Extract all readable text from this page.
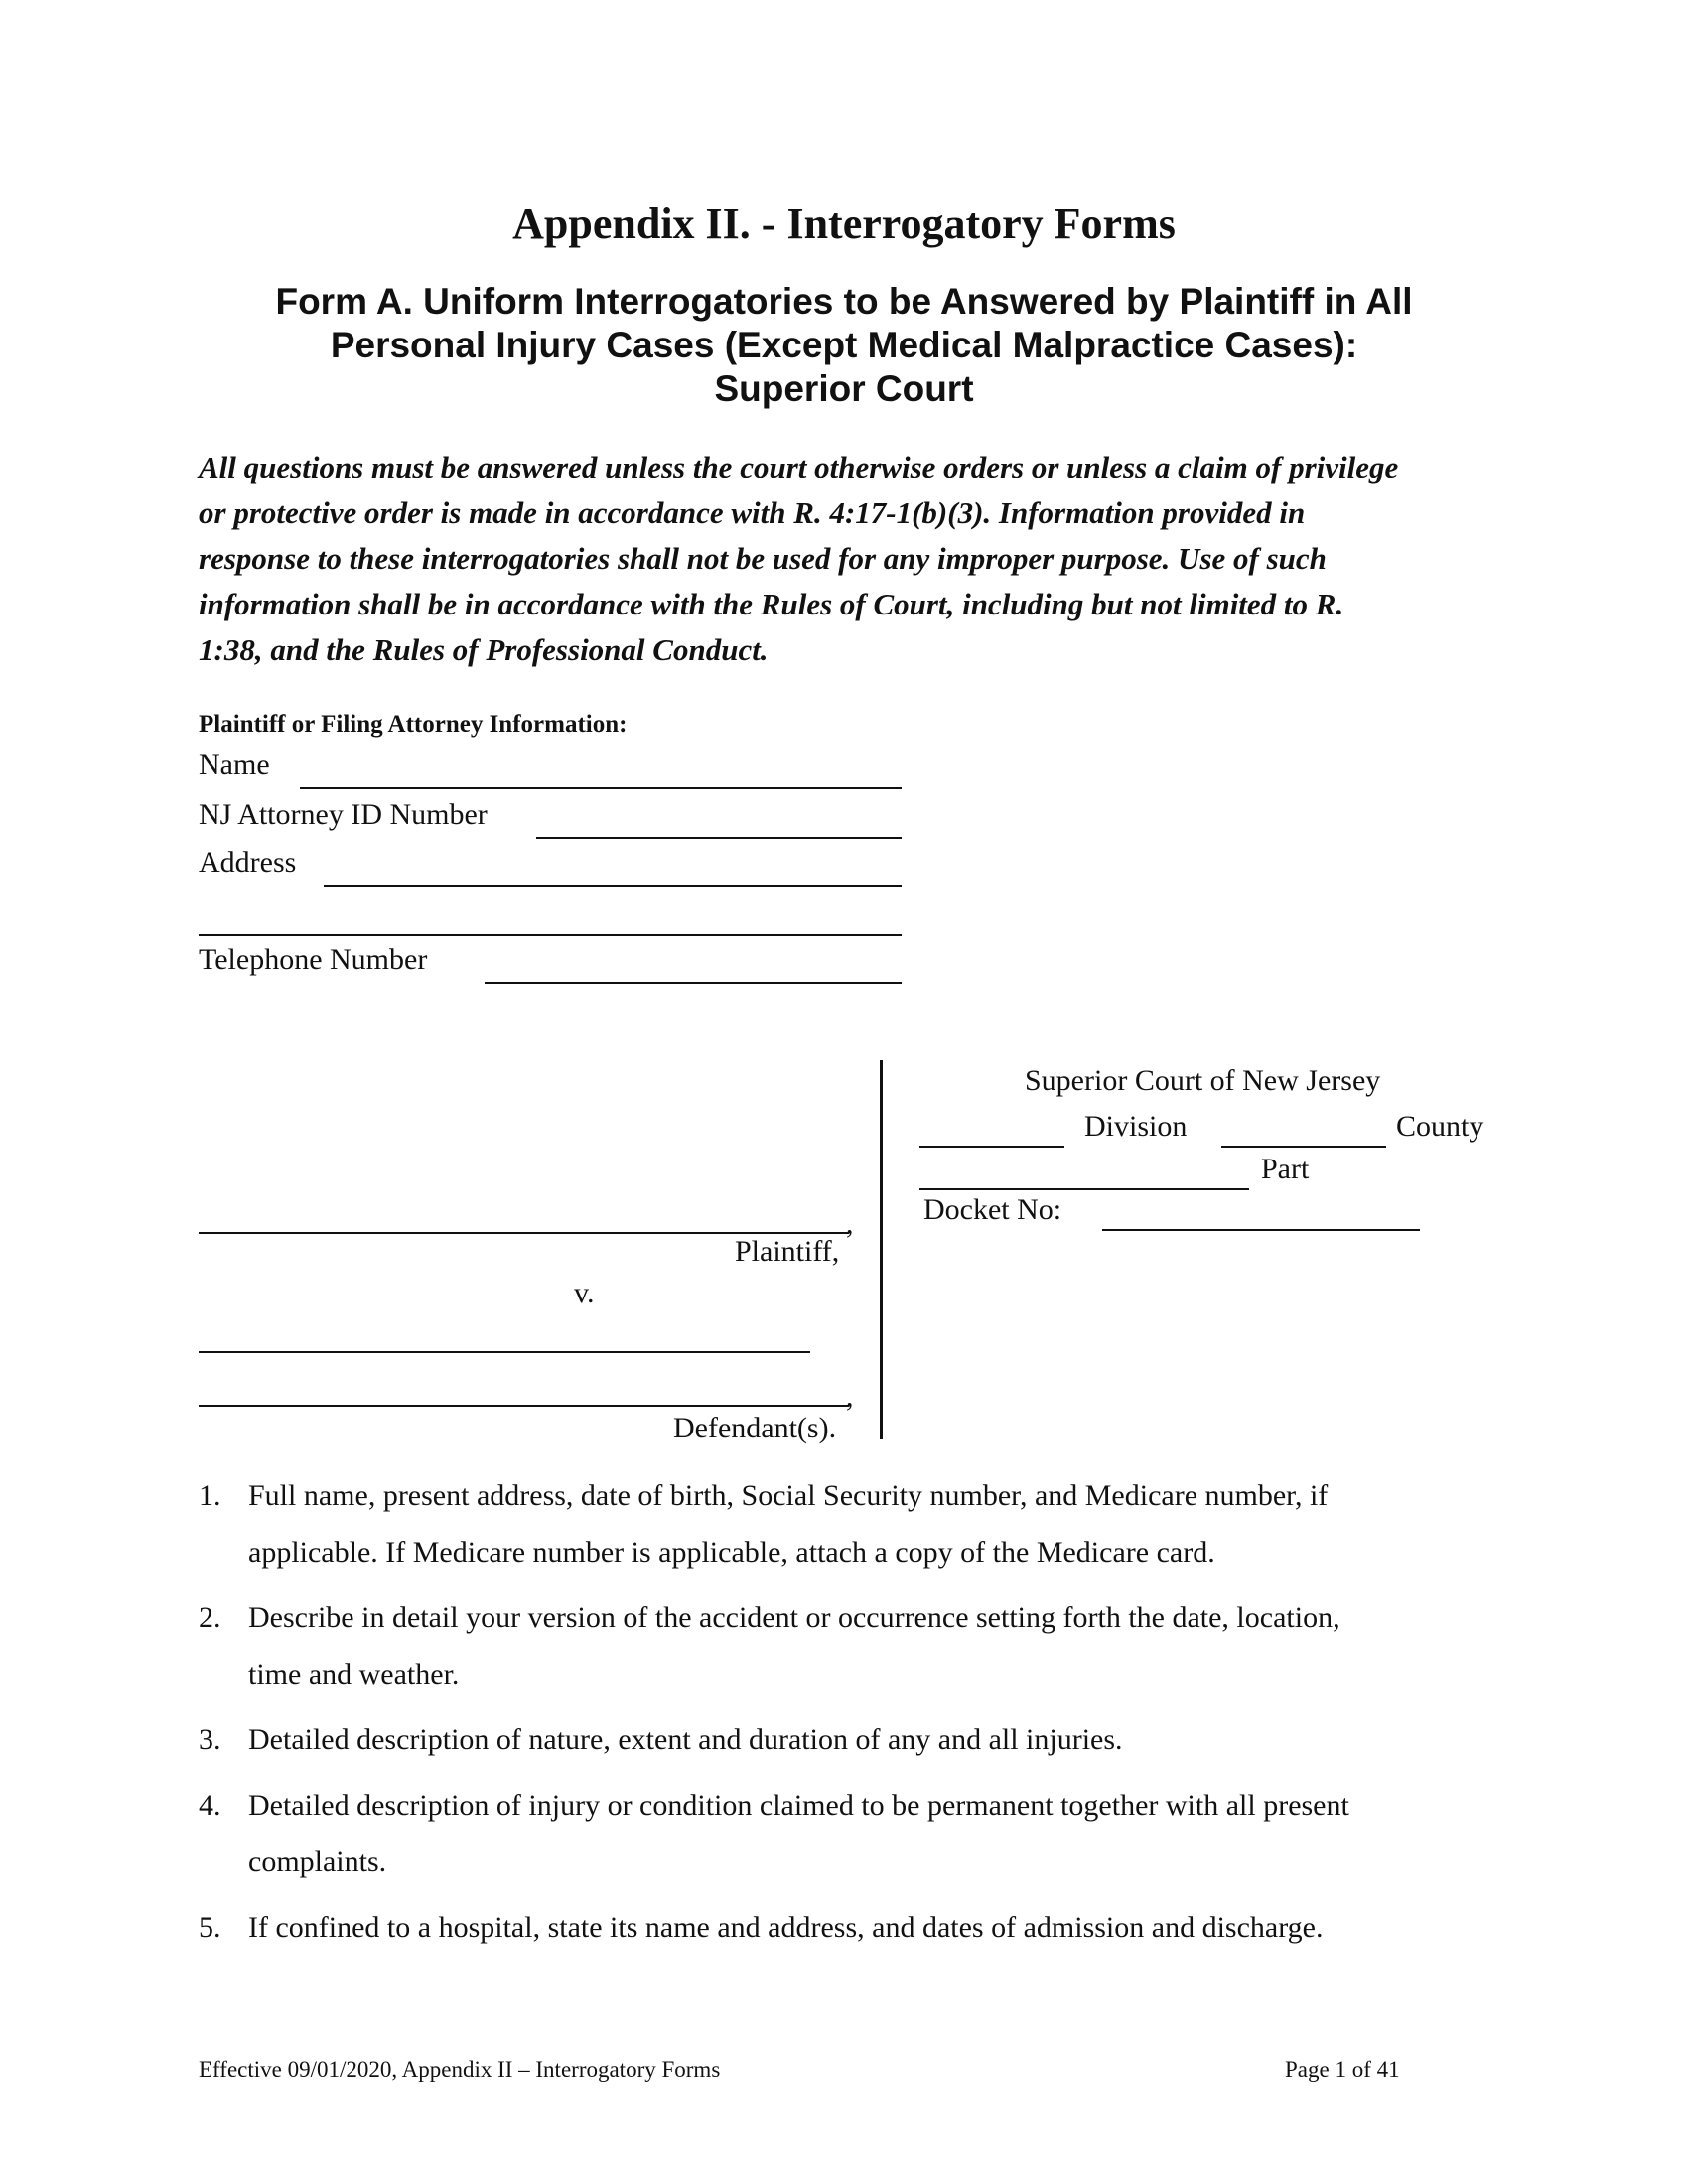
Appendix II. - Interrogatory Forms
Form A. Uniform Interrogatories to be Answered by Plaintiff in All
Personal Injury Cases (Except Medical Malpractice Cases):
Superior Court
All questions must be answered unless the court otherwise orders or unless a claim of privilege
or protective order is made in accordance with R. 4:17-1(b)(3). Information provided in
response to these interrogatories shall not be used for any improper purpose. Use of such
information shall be in accordance with the Rules of Court, including but not limited to R.
1:38, and the Rules of Professional Conduct.
Plaintiff or Filing Attorney Information:
Name
NJ Attorney ID Number
Address
Telephone Number
,
Plaintiff,
v.
,
Defendant(s).
Superior Court of New Jersey
Division	County
Part
Docket No:
1. Full name, present address, date of birth, Social Security number, and Medicare number, if
applicable. If Medicare number is applicable, attach a copy of the Medicare card.
2. Describe in detail your version of the accident or occurrence setting forth the date, location,
time and weather.
3. Detailed description of nature, extent and duration of any and all injuries.
4. Detailed description of injury or condition claimed to be permanent together with all present
complaints.
5. If confined to a hospital, state its name and address, and dates of admission and discharge.
Effective 09/01/2020, Appendix II – Interrogatory Forms	Page 1 of 41
